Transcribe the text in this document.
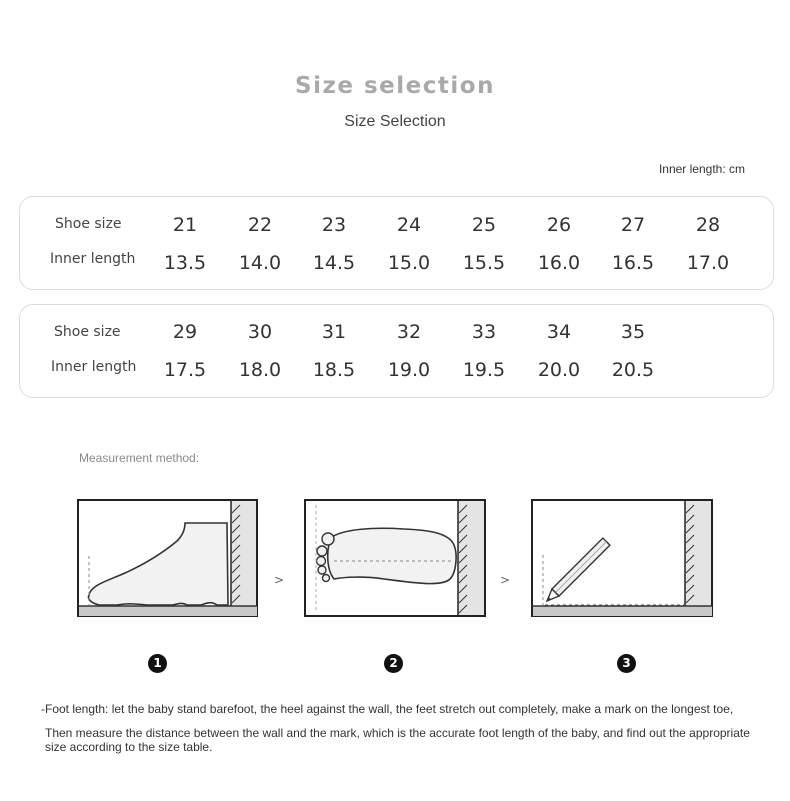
Size selection
Size Selection
Inner length: cm
Shoe size	21	22	23	24	25	26	27	28
Inner length	13.5	14.0	14.5	15.0	15.5	16.0	16.5	17.0
Shoe size	29	30	31	32	33	34	35
Inner length	17.5	18.0	18.5	19.0	19.5	20.0	20.5
Measurement method:
>	>
1	2	3
-Foot length: let the baby stand barefoot, the heel against the wall, the feet stretch out completely, make a mark on the longest toe,
Then measure the distance between the wall and the mark, which is the accurate foot length of the baby, and find out the appropriate size according to the size table.
